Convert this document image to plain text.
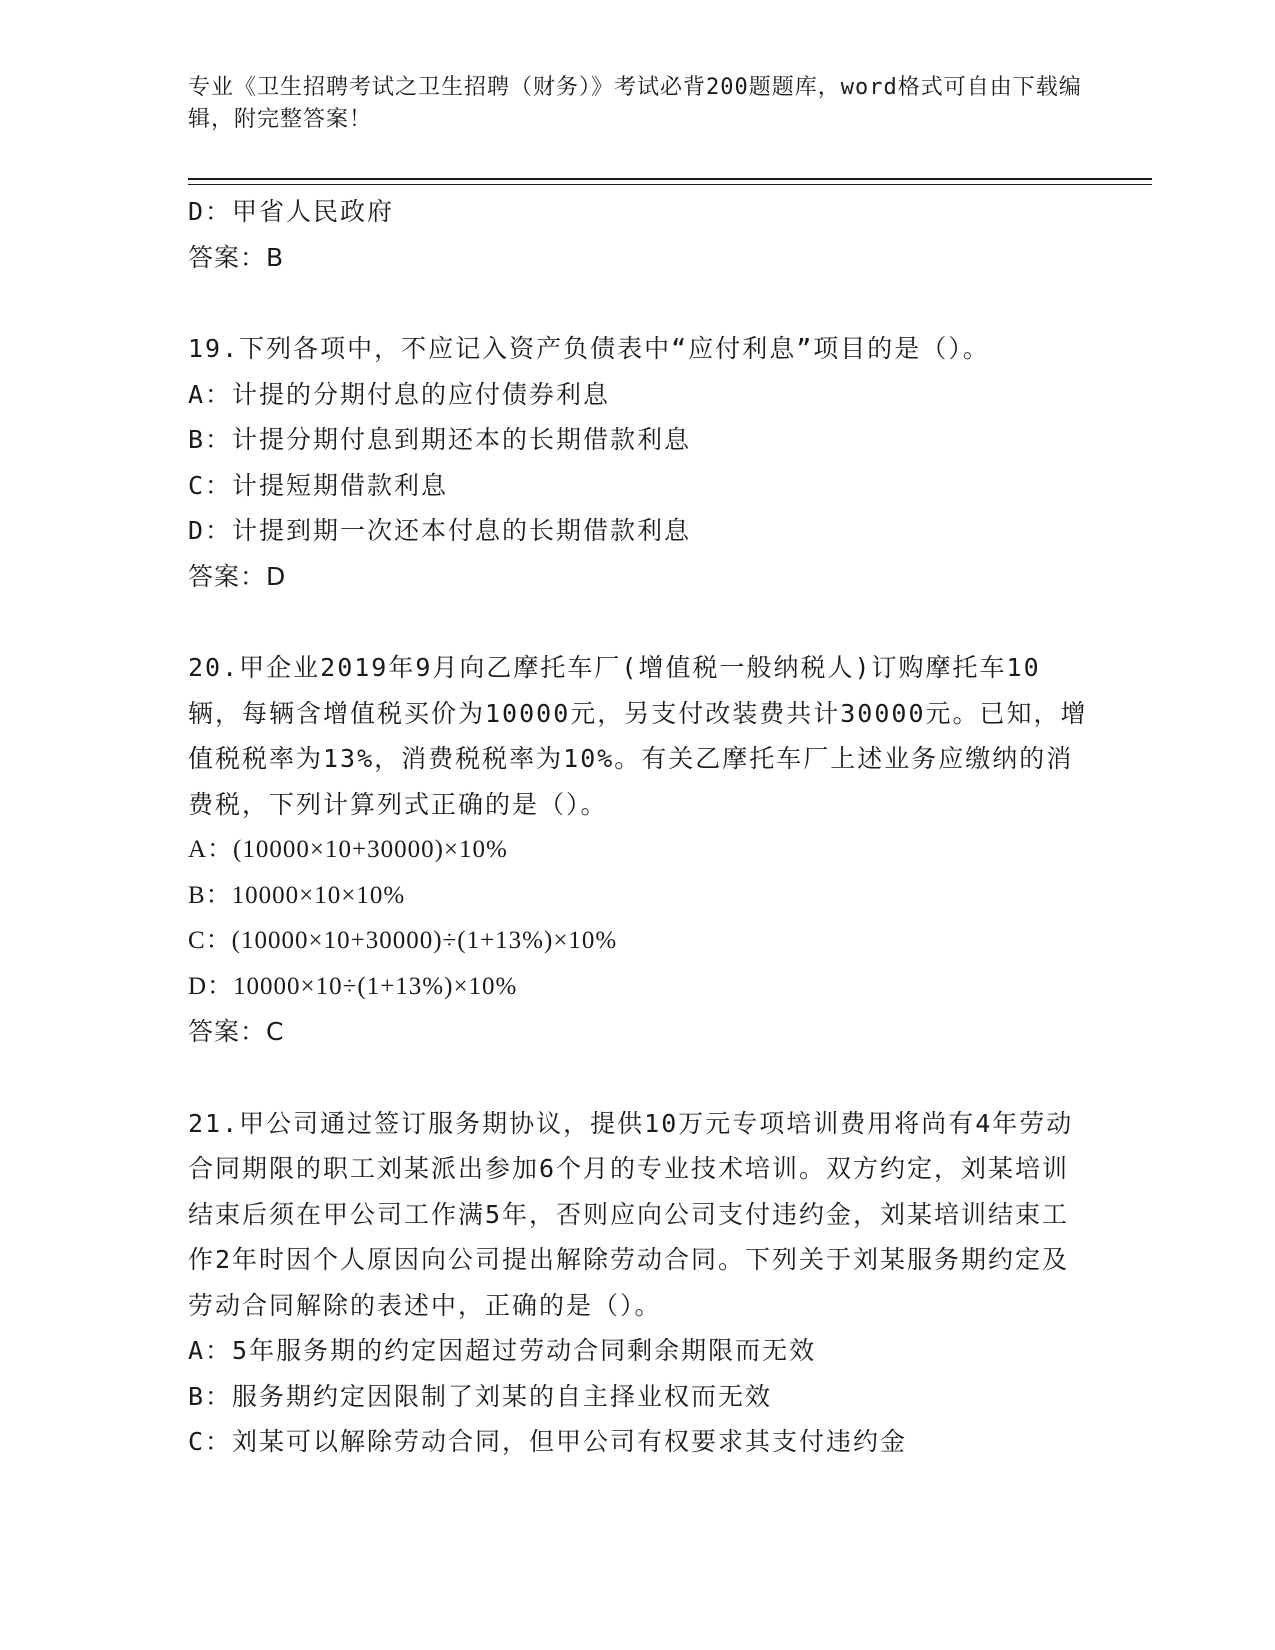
专业《卫生招聘考试之卫生招聘（财务）》考试必背200题题库，word格式可自由下载编辑，附完整答案！
D：甲省人民政府
答案：B
19.下列各项中，不应记入资产负债表中“应付利息”项目的是（）。
A：计提的分期付息的应付债券利息
B：计提分期付息到期还本的长期借款利息
C：计提短期借款利息
D：计提到期一次还本付息的长期借款利息
答案：D
20.甲企业2019年9月向乙摩托车厂(增值税一般纳税人)订购摩托车10辆，每辆含增值税买价为10000元，另支付改装费共计30000元。已知，增值税税率为13%，消费税税率为10%。有关乙摩托车厂上述业务应缴纳的消费税，下列计算列式正确的是（）。
A：(10000×10+30000)×10%
B：10000×10×10%
C：(10000×10+30000)÷(1+13%)×10%
D：10000×10÷(1+13%)×10%
答案：C
21.甲公司通过签订服务期协议，提供10万元专项培训费用将尚有4年劳动合同期限的职工刘某派出参加6个月的专业技术培训。双方约定，刘某培训结束后须在甲公司工作满5年，否则应向公司支付违约金，刘某培训结束工作2年时因个人原因向公司提出解除劳动合同。下列关于刘某服务期约定及劳动合同解除的表述中，正确的是（）。
A：5年服务期的约定因超过劳动合同剩余期限而无效
B：服务期约定因限制了刘某的自主择业权而无效
C：刘某可以解除劳动合同，但甲公司有权要求其支付违约金
